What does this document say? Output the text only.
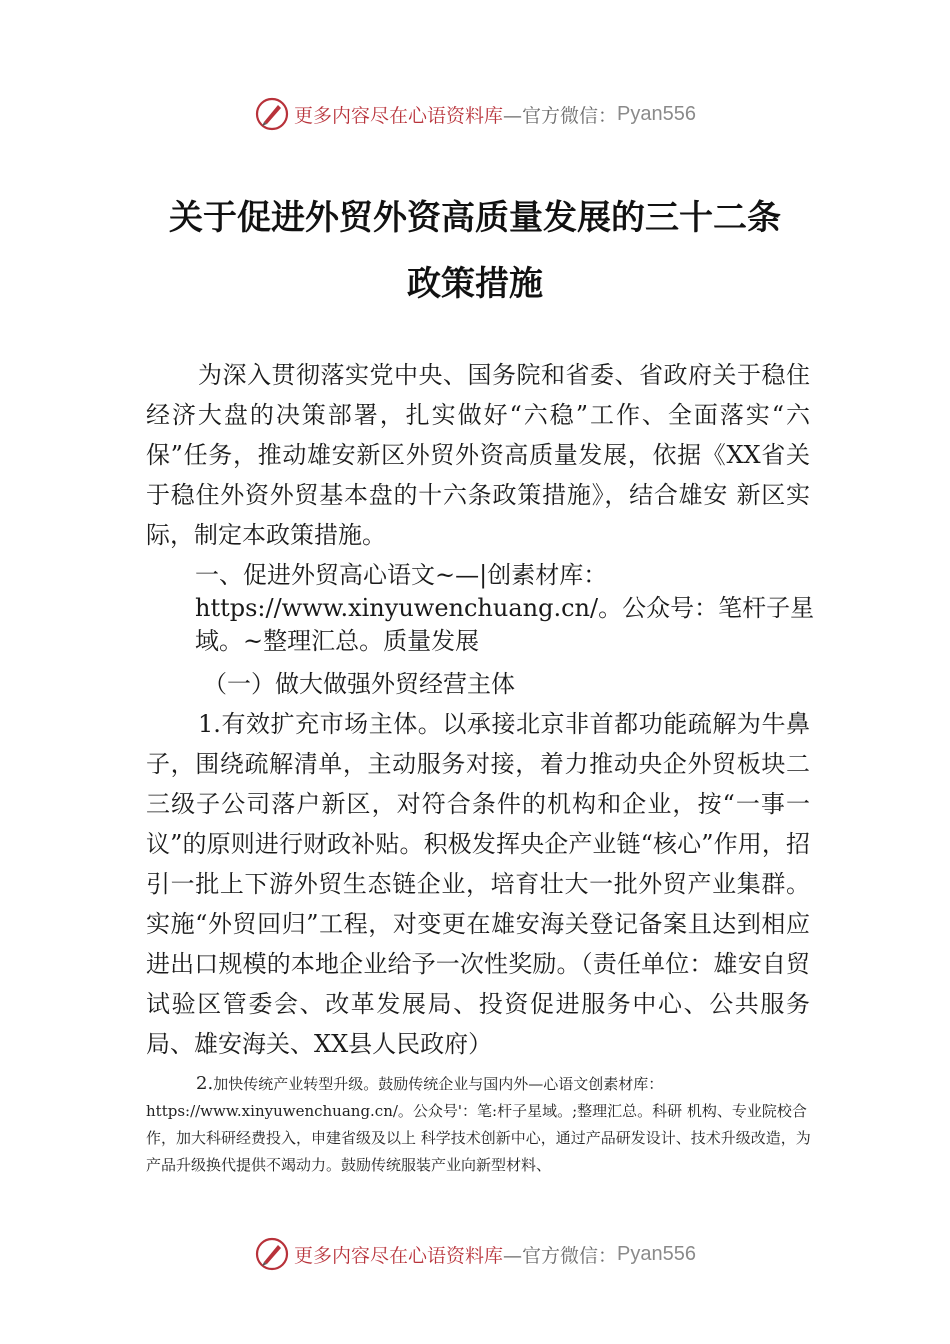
更多内容尽在心语资料库 —官方微信： Pyan556
关于促进外贸外资高质量发展的三十二条
政策措施
为深入贯彻落实党中央、国务院和省委、省政府关于稳住经济大盘的决策部署，扎实做好“六稳”工作、全面落实“六保”任务，推动雄安新区外贸外资高质量发展，依据《XX省关于稳住外资外贸基本盘的十六条政策措施》，结合雄安 新区实际，制定本政策措施。
一、促进外贸高心语文~—|创素材库：https://www.xinyuwenchuang.cn/。公众号：笔杆子星域。~整理汇总。质量发展
（一）做大做强外贸经营主体
1.有效扩充市场主体。以承接北京非首都功能疏解为牛鼻子，围绕疏解清单，主动服务对接，着力推动央企外贸板块二三级子公司落户新区，对符合条件的机构和企业，按“一事一议”的原则进行财政补贴。积极发挥央企产业链“核心”作用，招引一批上下游外贸生态链企业，培育壮大一批外贸产业集群。实施“外贸回归”工程，对变更在雄安海关登记备案且达到相应进出口规模的本地企业给予一次性奖励。（责任单位：雄安自贸试验区管委会、改革发展局、投资促进服务中心、公共服务局、雄安海关、XX县人民政府）
2.加快传统产业转型升级。鼓励传统企业与国内外—心语文创素材库：https://www.xinyuwenchuang.cn/。公众号'：笔:杆子星域。;整理汇总。科研 机构、专业院校合作，加大科研经费投入，申建省级及以上 科学技术创新中心，通过产品研发设计、技术升级改造，为 产品升级换代提供不竭动力。鼓励传统服装产业向新型材料、
更多内容尽在心语资料库 —官方微信： Pyan556
